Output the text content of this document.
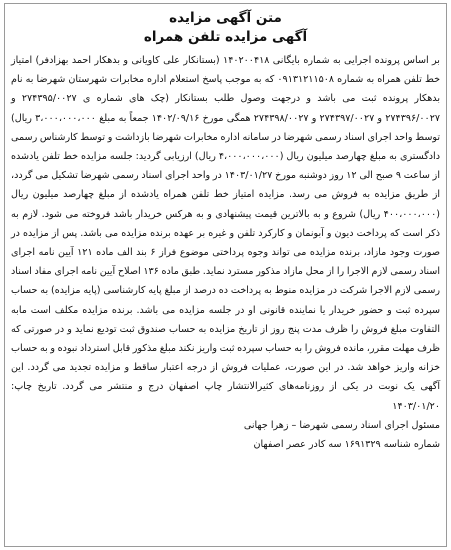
متن آگهی مزایده
آگهی مزایده تلفن همراه
بر اساس پرونده اجرایی به شماره بایگانی ۱۴۰۲۰۰۴۱۸ (بستانکار علی کاویانی و بدهکار احمد بهزادفر) امتیاز خط تلفن همراه به شماره ۰۹۱۳۱۲۱۱۵۰۸ که به موجب پاسخ استعلام اداره مخابرات شهرستان شهرضا به نام بدهکار پرونده ثبت می باشد و درجهت وصول طلب بستانکار (چک های شماره ی ۲۷۴۳۹۵/۰۰۲۷ و ۲۷۴۳۹۶/۰۰۲۷ و ۲۷۴۳۹۷/۰۰۲۷ و ۲۷۴۳۹۸/۰۰۲۷ همگی مورخ ۱۴۰۲/۰۹/۱۶ جمعاً به مبلغ ۳،۰۰۰،۰۰۰،۰۰۰ ریال) توسط واحد اجرای اسناد رسمی شهرضا در سامانه اداره مخابرات شهرضا بازداشت و توسط کارشناس رسمی دادگستری به مبلغ چهارصد میلیون ریال (۴،۰۰۰،۰۰۰،۰۰۰ ریال) ارزیابی گردید: جلسه مزایده خط تلفن یادشده از ساعت ۹ صبح الی ۱۲ روز دوشنبه مورخ ۱۴۰۳/۰۱/۲۷ در واحد اجرای اسناد رسمی شهرضا تشکیل می گردد، از طریق مزایده به فروش می رسد. مزایده امتیاز خط تلفن همراه یادشده از مبلغ چهارصد میلیون ریال (۴۰۰،۰۰۰،۰۰۰ ریال) شروع و به بالاترین قیمت پیشنهادی و به هرکس خریدار باشد فروخته می شود. لازم به ذکر است که پرداخت دیون و آبونمان و کارکرد تلفن و غیره بر عهده برنده مزایده می باشد. پس از مزایده در صورت وجود مازاد، برنده مزایده می تواند وجوه پرداختی موضوع فراز ۶ بند الف ماده ۱۲۱ آیین نامه اجرای اسناد رسمی لازم الاجرا را از محل مازاد مذکور مسترد نماید. طبق ماده ۱۳۶ اصلاح آیین نامه اجرای مفاد اسناد رسمی لازم الاجرا شرکت در مزایده منوط به پرداخت ده درصد از مبلغ پایه کارشناسی (پایه مزایده) به حساب سپرده ثبت و حضور خریدار یا نماینده قانونی او در جلسه مزایده می باشد. برنده مزایده مکلف است مابه التفاوت مبلغ فروش را ظرف مدت پنج روز از تاریخ مزایده به حساب صندوق ثبت تودیع نماید و در صورتی که ظرف مهلت مقرر، مانده فروش را به حساب سپرده ثبت واریز نکند مبلغ مذکور قابل استرداد نبوده و به حساب خزانه واریز خواهد شد. در این صورت، عملیات فروش از درجه اعتبار ساقط و مزایده تجدید می گردد. این آگهی یک نوبت در یکی از روزنامه‌های کثیرالانتشار چاپ اصفهان درج و منتشر می گردد. تاریخ چاپ: ۱۴۰۳/۰۱/۲۰
مسئول اجرای اسناد رسمی شهرضا – زهرا جهانی
شماره شناسه ۱۶۹۱۳۲۹ سه کادر عصر اصفهان
